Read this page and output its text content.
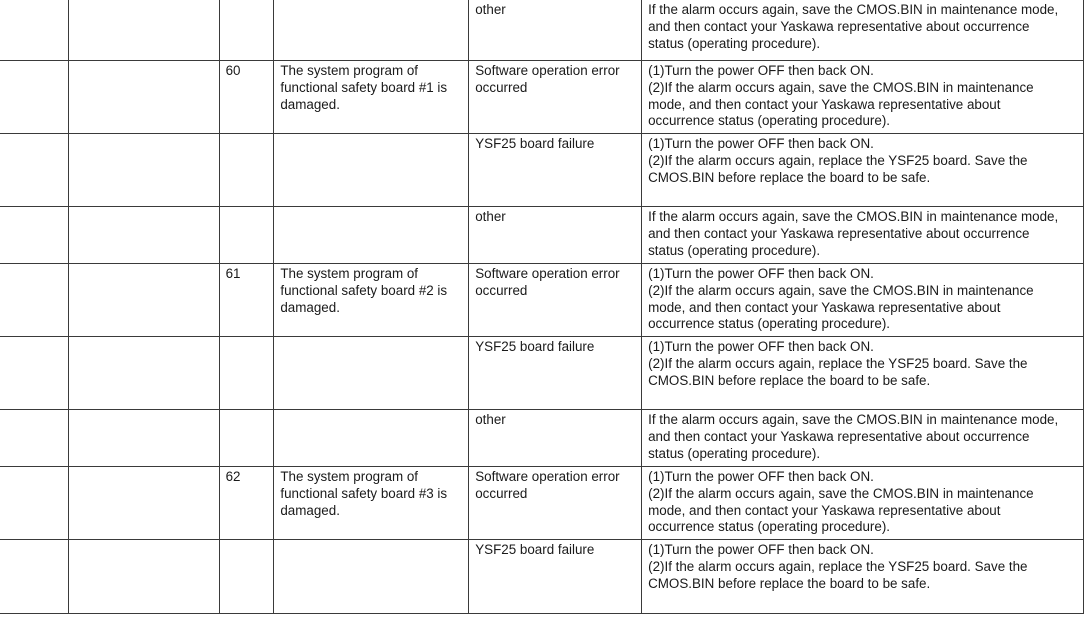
				other	If the alarm occurs again, save the CMOS.BIN in maintenance mode,
and then contact your Yaskawa representative about occurrence
status (operating procedure).

		60	The system program of
functional safety board #1 is
damaged.	Software operation error
occurred	(1)Turn the power OFF then back ON.
(2)If the alarm occurs again, save the CMOS.BIN in maintenance
mode, and then contact your Yaskawa representative about
occurrence status (operating procedure).

				YSF25 board failure	(1)Turn the power OFF then back ON.
(2)If the alarm occurs again, replace the YSF25 board. Save the
CMOS.BIN before replace the board to be safe.

				other	If the alarm occurs again, save the CMOS.BIN in maintenance mode,
and then contact your Yaskawa representative about occurrence
status (operating procedure).

		61	The system program of
functional safety board #2 is
damaged.	Software operation error
occurred	(1)Turn the power OFF then back ON.
(2)If the alarm occurs again, save the CMOS.BIN in maintenance
mode, and then contact your Yaskawa representative about
occurrence status (operating procedure).

				YSF25 board failure	(1)Turn the power OFF then back ON.
(2)If the alarm occurs again, replace the YSF25 board. Save the
CMOS.BIN before replace the board to be safe.

				other	If the alarm occurs again, save the CMOS.BIN in maintenance mode,
and then contact your Yaskawa representative about occurrence
status (operating procedure).

		62	The system program of
functional safety board #3 is
damaged.	Software operation error
occurred	(1)Turn the power OFF then back ON.
(2)If the alarm occurs again, save the CMOS.BIN in maintenance
mode, and then contact your Yaskawa representative about
occurrence status (operating procedure).

				YSF25 board failure	(1)Turn the power OFF then back ON.
(2)If the alarm occurs again, replace the YSF25 board. Save the
CMOS.BIN before replace the board to be safe.
